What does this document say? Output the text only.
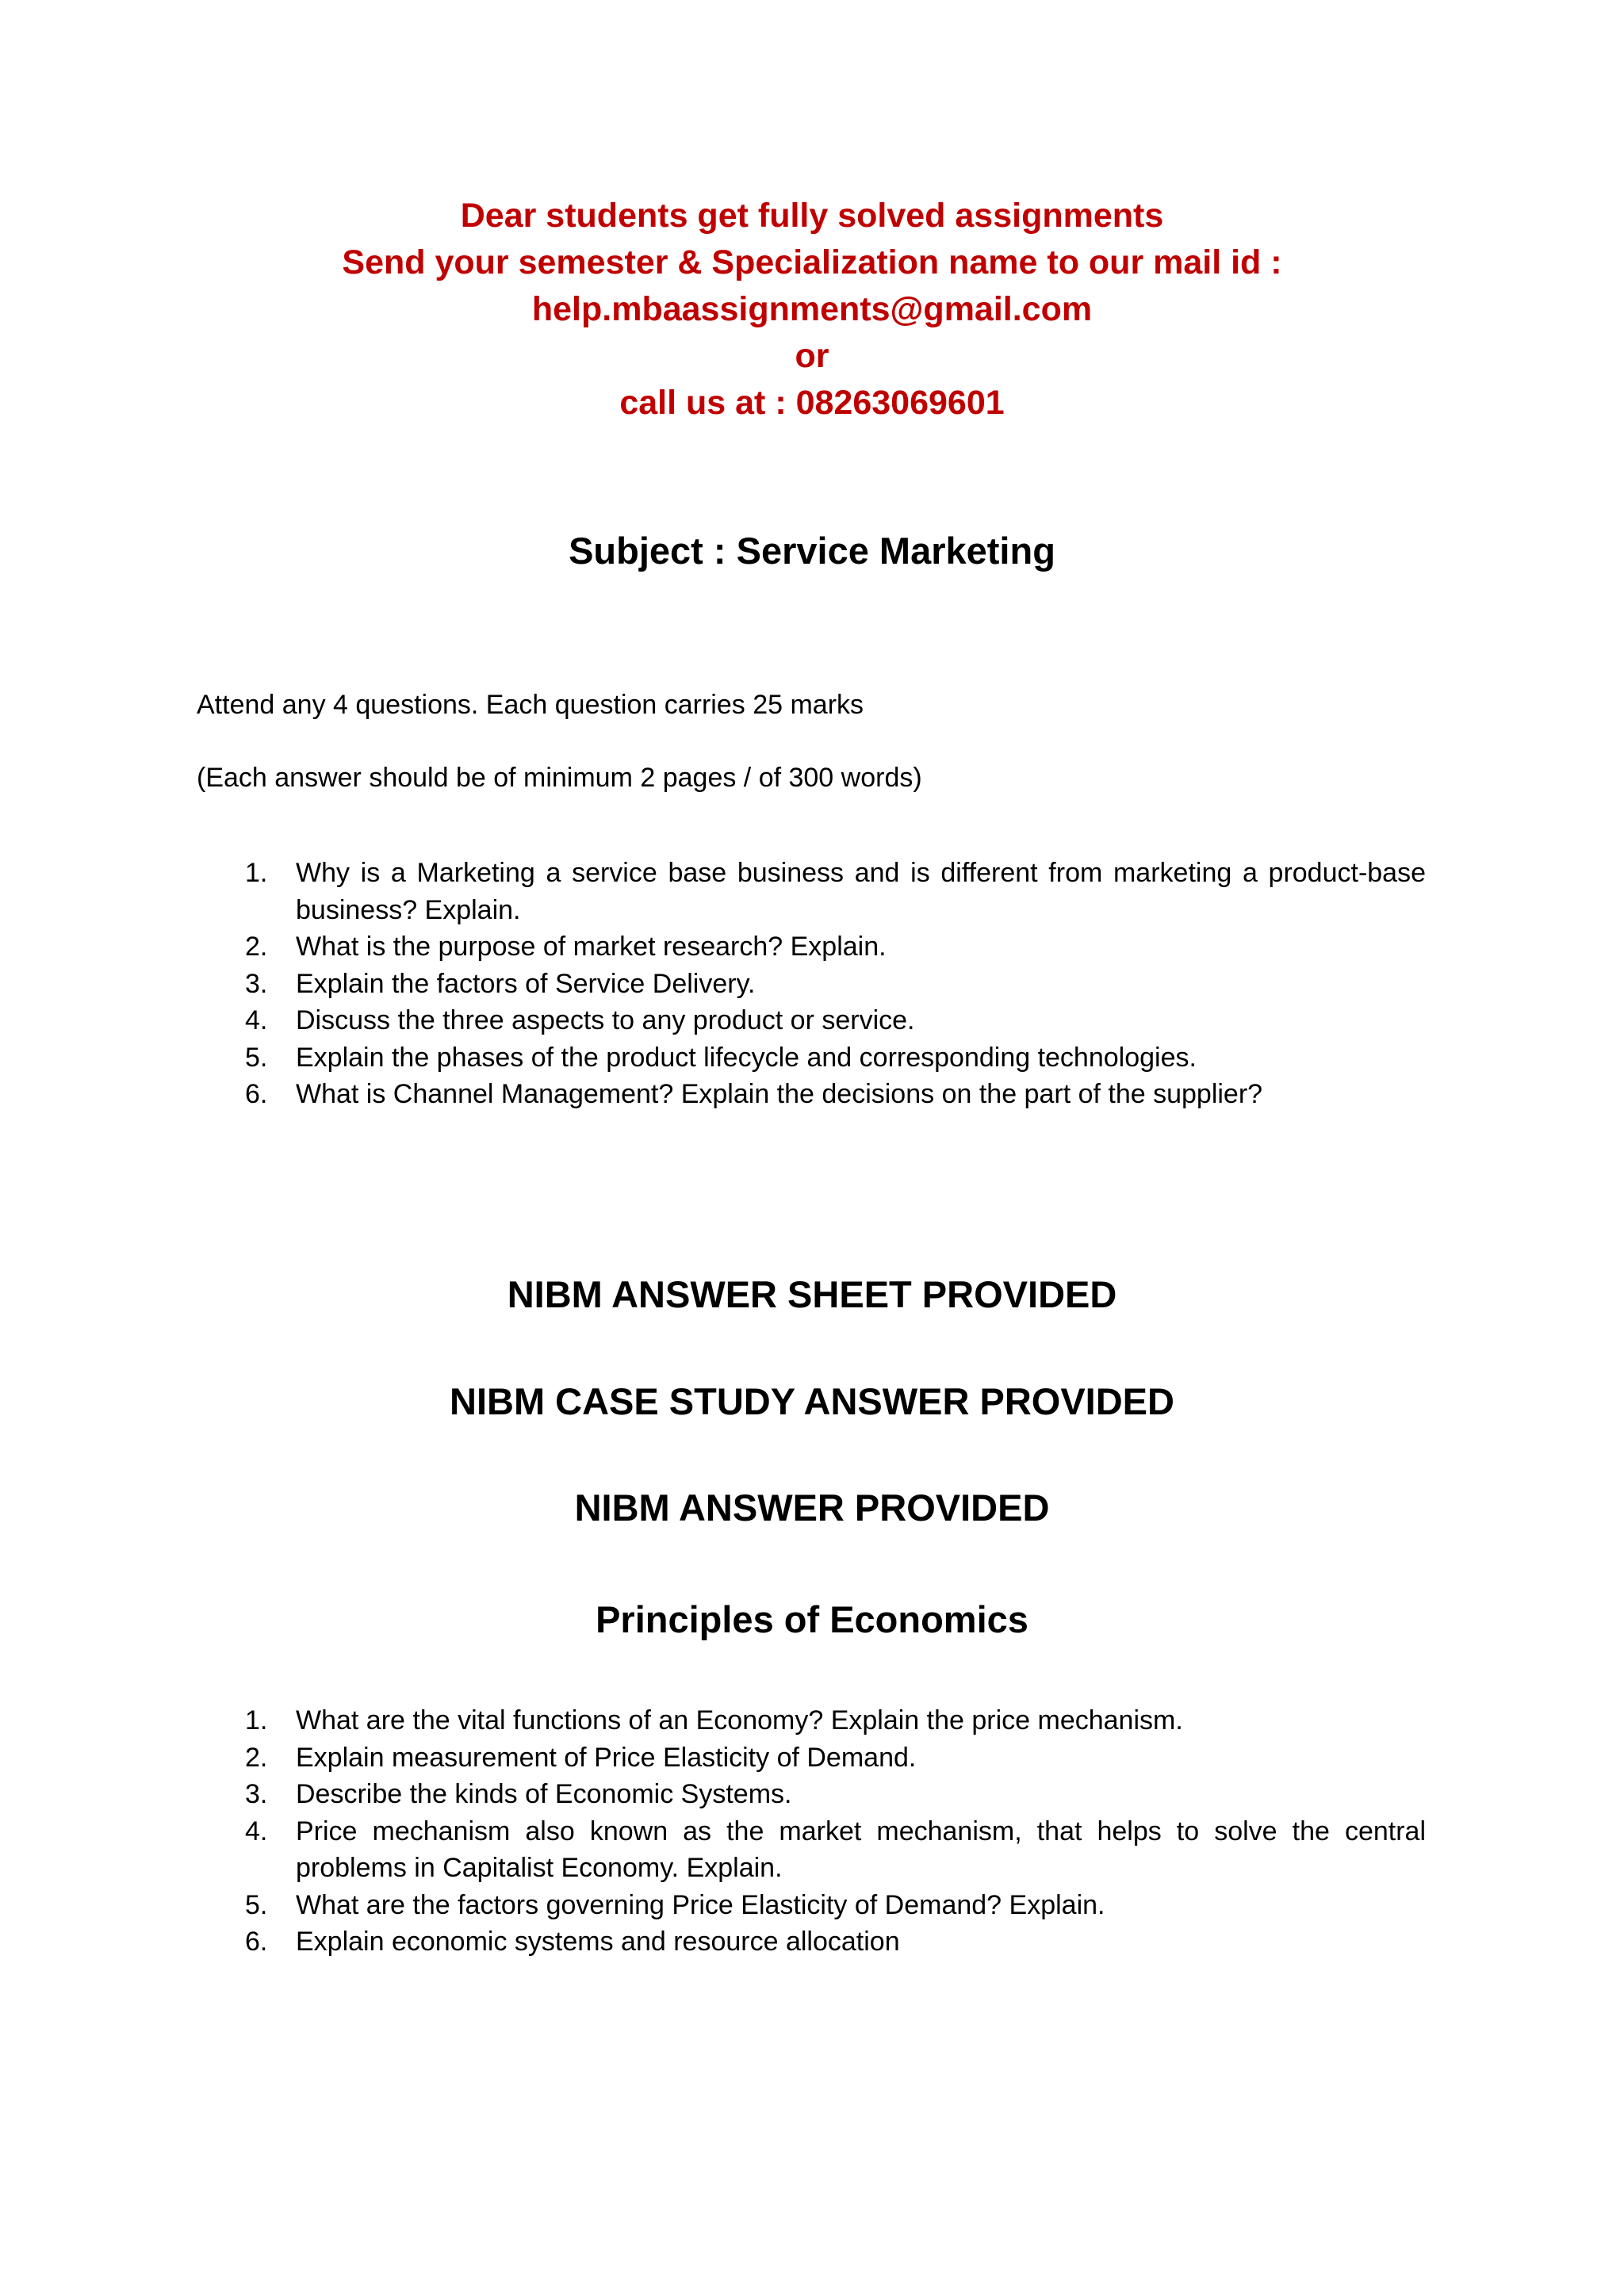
Dear students get fully solved assignments
Send your semester & Specialization name to our mail id :
help.mbaassignments@gmail.com
or
call us at : 08263069601
Subject : Service Marketing
Attend any 4 questions. Each question carries 25 marks
(Each answer should be of minimum 2 pages / of 300 words)
1. Why is a Marketing a service base business and is different from marketing a product-base business? Explain.
2. What is the purpose of market research? Explain.
3. Explain the factors of Service Delivery.
4. Discuss the three aspects to any product or service.
5. Explain the phases of the product lifecycle and corresponding technologies.
6. What is Channel Management? Explain the decisions on the part of the supplier?
NIBM ANSWER SHEET PROVIDED
NIBM CASE STUDY ANSWER PROVIDED
NIBM ANSWER PROVIDED
Principles of Economics
1. What are the vital functions of an Economy? Explain the price mechanism.
2. Explain measurement of Price Elasticity of Demand.
3. Describe the kinds of Economic Systems.
4. Price mechanism also known as the market mechanism, that helps to solve the central problems in Capitalist Economy. Explain.
5. What are the factors governing Price Elasticity of Demand? Explain.
6. Explain economic systems and resource allocation
